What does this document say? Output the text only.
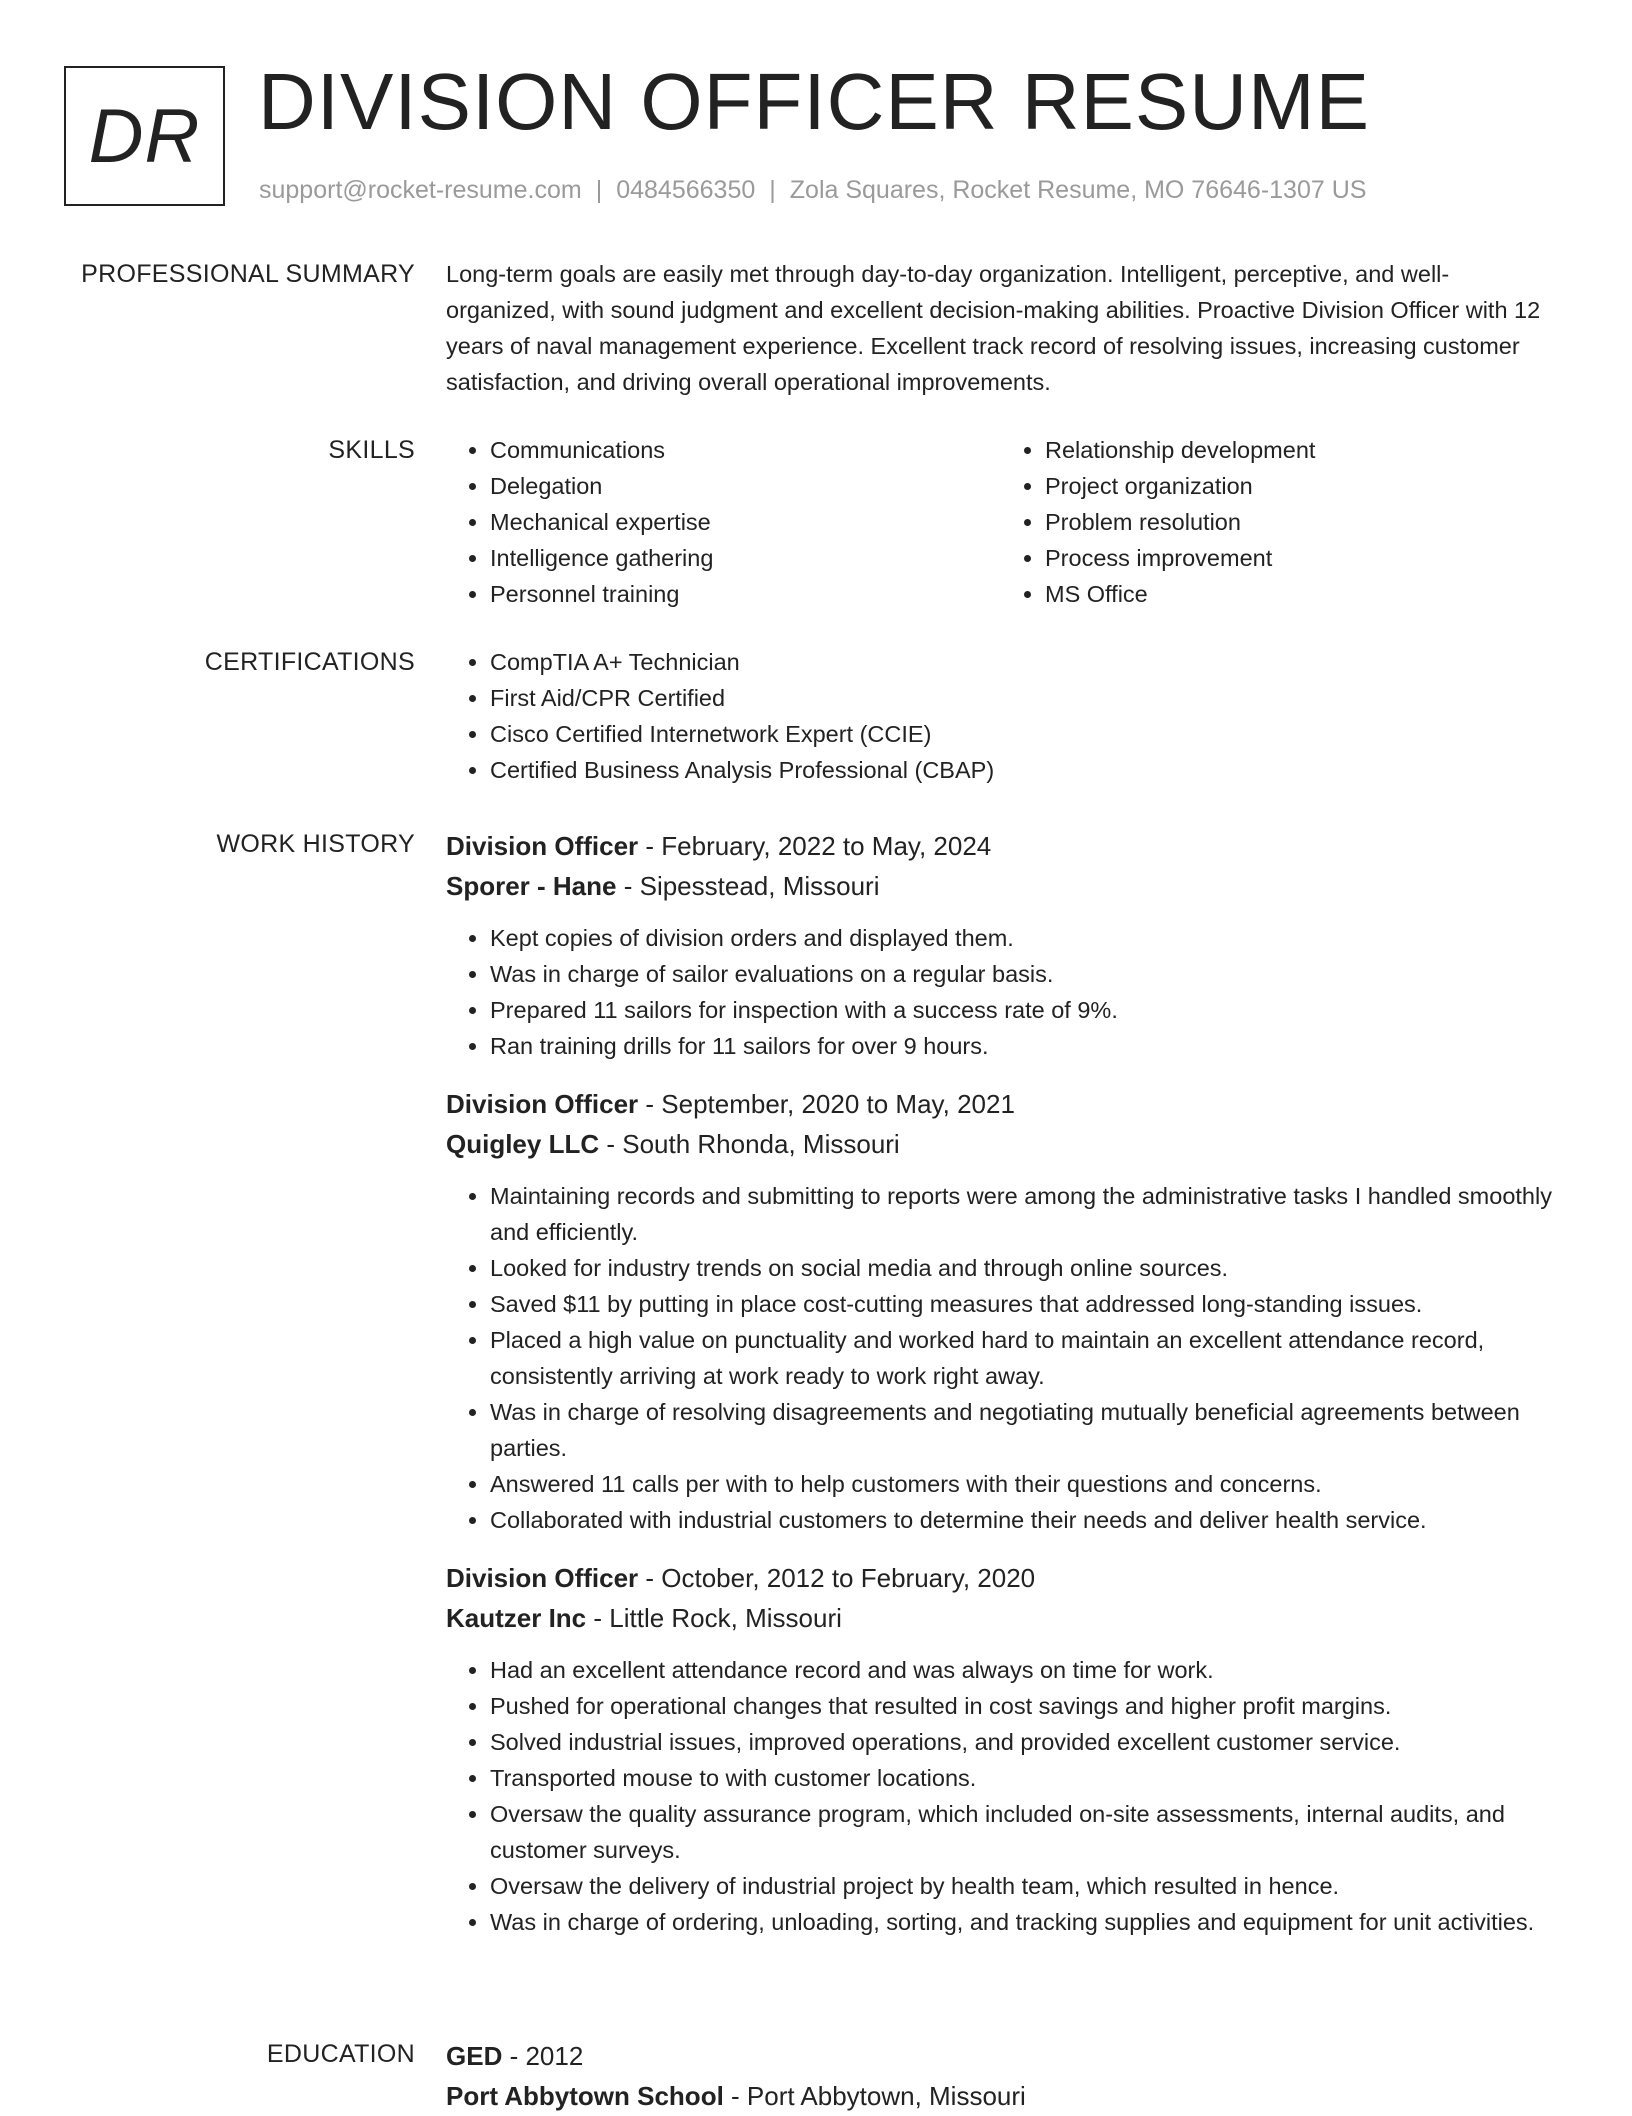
DR DIVISION OFFICER RESUME
support@rocket-resume.com | 0484566350 | Zola Squares, Rocket Resume, MO 76646-1307 US
PROFESSIONAL SUMMARY Long-term goals are easily met through day-to-day organization. Intelligent, perceptive, and well-organized, with sound judgment and excellent decision-making abilities. Proactive Division Officer with 12 years of naval management experience. Excellent track record of resolving issues, increasing customer satisfaction, and driving overall operational improvements.

SKILLS	• Communications
• Delegation
• Mechanical expertise
• Intelligence gathering
• Personnel training
• Relationship development
• Project organization
• Problem resolution
• Process improvement
• MS Office
CERTIFICATIONS	• CompTIA A+ Technician
• First Aid/CPR Certified
• Cisco Certified Internetwork Expert (CCIE)
• Certified Business Analysis Professional (CBAP)
WORK HISTORY Division Officer - February, 2022 to May, 2024
Sporer - Hane - Sipesstead, Missouri
• Kept copies of division orders and displayed them.
• Was in charge of sailor evaluations on a regular basis.
• Prepared 11 sailors for inspection with a success rate of 9%.
• Ran training drills for 11 sailors for over 9 hours.
Division Officer - September, 2020 to May, 2021
Quigley LLC - South Rhonda, Missouri
• Maintaining records and submitting to reports were among the administrative tasks I handled smoothly and efficiently.
• Looked for industry trends on social media and through online sources.
• Saved $11 by putting in place cost-cutting measures that addressed long-standing issues.
• Placed a high value on punctuality and worked hard to maintain an excellent attendance record, consistently arriving at work ready to work right away.
• Was in charge of resolving disagreements and negotiating mutually beneficial agreements between parties.
• Answered 11 calls per with to help customers with their questions and concerns.
• Collaborated with industrial customers to determine their needs and deliver health service.
Division Officer - October, 2012 to February, 2020
Kautzer Inc - Little Rock, Missouri
• Had an excellent attendance record and was always on time for work.
• Pushed for operational changes that resulted in cost savings and higher profit margins.
• Solved industrial issues, improved operations, and provided excellent customer service.
• Transported mouse to with customer locations.
• Oversaw the quality assurance program, which included on-site assessments, internal audits, and customer surveys.
• Oversaw the delivery of industrial project by health team, which resulted in hence.
• Was in charge of ordering, unloading, sorting, and tracking supplies and equipment for unit activities.
EDUCATION GED - 2012
Port Abbytown School - Port Abbytown, Missouri
